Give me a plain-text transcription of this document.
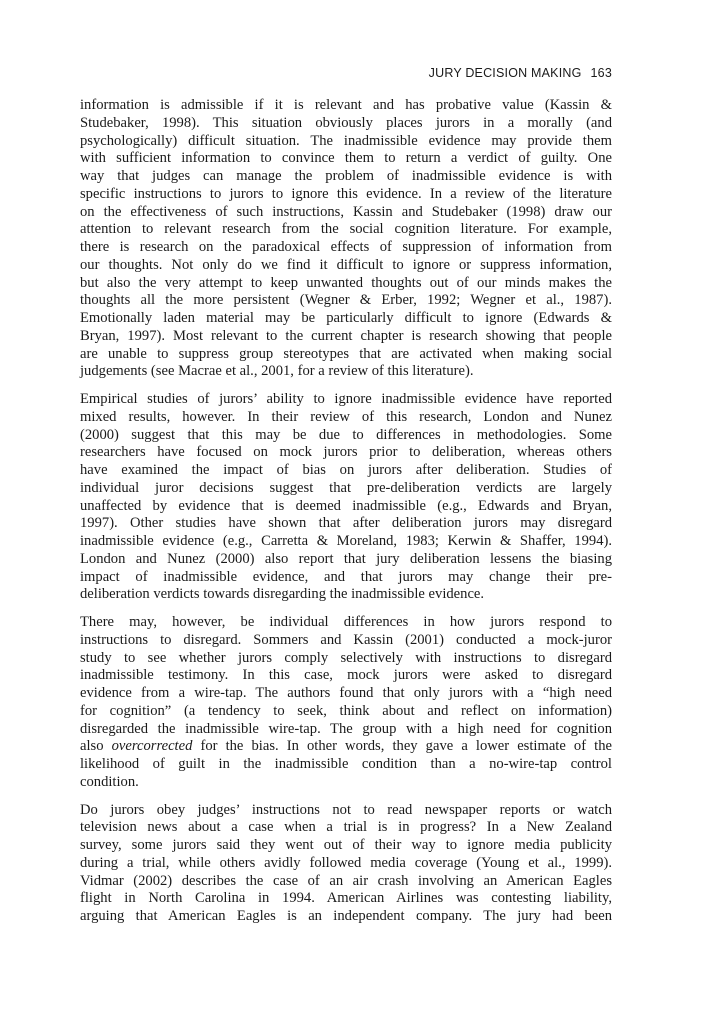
JURY DECISION MAKING 163
information is admissible if it is relevant and has probative value (Kassin &
Studebaker, 1998). This situation obviously places jurors in a morally (and
psychologically) difficult situation. The inadmissible evidence may provide them
with sufficient information to convince them to return a verdict of guilty. One
way that judges can manage the problem of inadmissible evidence is with
specific instructions to jurors to ignore this evidence. In a review of the literature
on the effectiveness of such instructions, Kassin and Studebaker (1998) draw our
attention to relevant research from the social cognition literature. For example,
there is research on the paradoxical effects of suppression of information from
our thoughts. Not only do we find it difficult to ignore or suppress information,
but also the very attempt to keep unwanted thoughts out of our minds makes the
thoughts all the more persistent (Wegner & Erber, 1992; Wegner et al., 1987).
Emotionally laden material may be particularly difficult to ignore (Edwards &
Bryan, 1997). Most relevant to the current chapter is research showing that people
are unable to suppress group stereotypes that are activated when making social
judgements (see Macrae et al., 2001, for a review of this literature).
Empirical studies of jurors’ ability to ignore inadmissible evidence have reported
mixed results, however. In their review of this research, London and Nunez
(2000) suggest that this may be due to differences in methodologies. Some
researchers have focused on mock jurors prior to deliberation, whereas others
have examined the impact of bias on jurors after deliberation. Studies of
individual juror decisions suggest that pre-deliberation verdicts are largely
unaffected by evidence that is deemed inadmissible (e.g., Edwards and Bryan,
1997). Other studies have shown that after deliberation jurors may disregard
inadmissible evidence (e.g., Carretta & Moreland, 1983; Kerwin & Shaffer, 1994).
London and Nunez (2000) also report that jury deliberation lessens the biasing
impact of inadmissible evidence, and that jurors may change their pre-
deliberation verdicts towards disregarding the inadmissible evidence.
There may, however, be individual differences in how jurors respond to
instructions to disregard. Sommers and Kassin (2001) conducted a mock-juror
study to see whether jurors comply selectively with instructions to disregard
inadmissible testimony. In this case, mock jurors were asked to disregard
evidence from a wire-tap. The authors found that only jurors with a “high need
for cognition” (a tendency to seek, think about and reflect on information)
disregarded the inadmissible wire-tap. The group with a high need for cognition
also overcorrected for the bias. In other words, they gave a lower estimate of the
likelihood of guilt in the inadmissible condition than a no-wire-tap control
condition.
Do jurors obey judges’ instructions not to read newspaper reports or watch
television news about a case when a trial is in progress? In a New Zealand
survey, some jurors said they went out of their way to ignore media publicity
during a trial, while others avidly followed media coverage (Young et al., 1999).
Vidmar (2002) describes the case of an air crash involving an American Eagles
flight in North Carolina in 1994. American Airlines was contesting liability,
arguing that American Eagles is an independent company. The jury had been
